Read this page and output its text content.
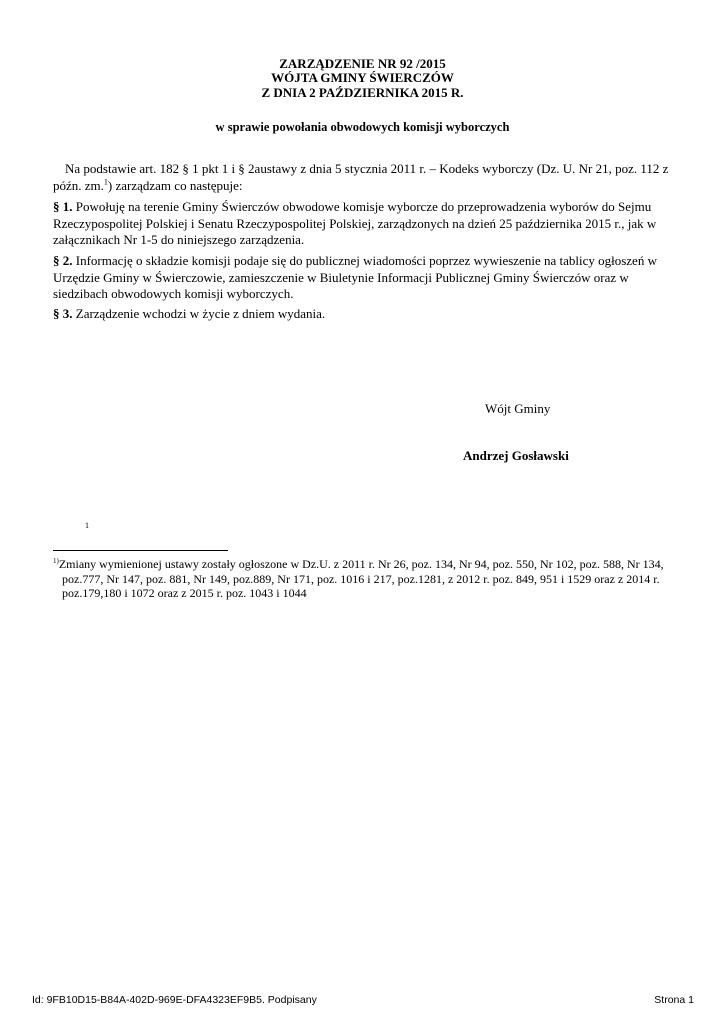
ZARZĄDZENIE NR 92 /2015
WÓJTA GMINY ŚWIERCZÓW
Z DNIA 2 PAŹDZIERNIKA 2015 R.
w sprawie powołania obwodowych komisji wyborczych

Na podstawie art. 182 § 1 pkt 1 i § 2austawy z dnia 5 stycznia 2011 r. – Kodeks wyborczy (Dz. U. Nr 21, poz. 112 z późn. zm.$^1$) zarządzam co następuje:

§ 1. Powołuję na terenie Gminy Świerczów obwodowe komisje wyborcze do przeprowadzenia wyborów do Sejmu Rzeczypospolitej Polskiej i Senatu Rzeczypospolitej Polskiej, zarządzonych na dzień 25 października 2015 r., jak w załącznikach Nr 1-5 do niniejszego zarządzenia.

§ 2. Informację o składzie komisji podaje się do publicznej wiadomości poprzez wywieszenie na tablicy ogłoszeń w Urzędzie Gminy w Świerczowie, zamieszczenie w Biuletynie Informacji Publicznej Gminy Świerczów oraz w siedzibach obwodowych komisji wyborczych.

§ 3. Zarządzenie wchodzi w życie z dniem wydania.

Wójt Gminy
Andrzej Gosławski
1

$^{1)}$Zmiany wymienionej ustawy zostały ogłoszone w Dz.U. z 2011 r. Nr 26, poz. 134, Nr 94, poz. 550, Nr 102, poz. 588, Nr 134, poz.777, Nr 147, poz. 881, Nr 149, poz.889, Nr 171, poz. 1016 i 217, poz.1281, z 2012 r. poz. 849, 951 i 1529 oraz z 2014 r. poz.179,180 i 1072 oraz z 2015 r. poz. 1043 i 1044

Id: 9FB10D15-B84A-402D-969E-DFA4323EF9B5. Podpisany	Strona 1
